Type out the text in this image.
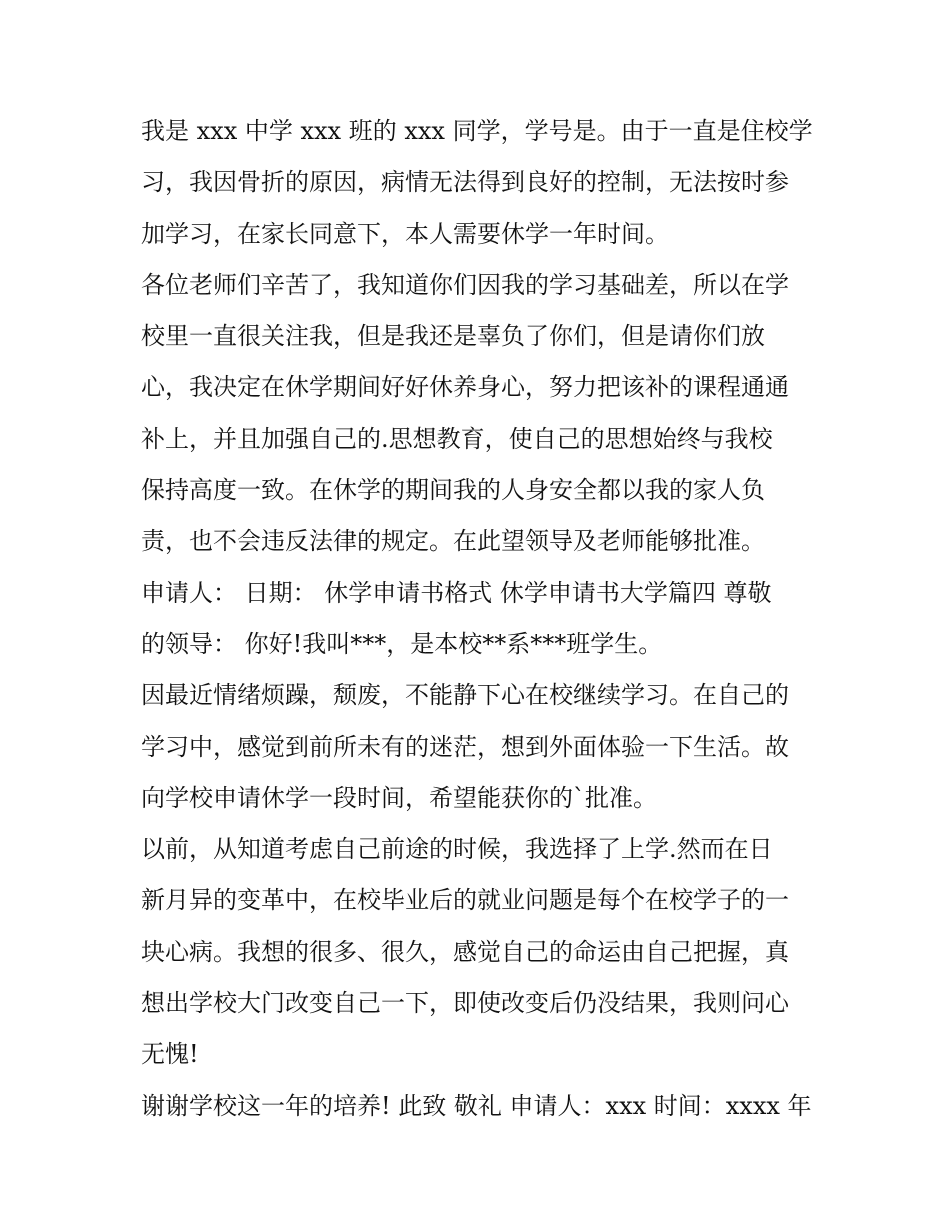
我是 xxx 中学 xxx 班的 xxx 同学，学号是。由于一直是住校学

习，我因骨折的原因，病情无法得到良好的控制，无法按时参

加学习，在家长同意下，本人需要休学一年时间。

各位老师们辛苦了，我知道你们因我的学习基础差，所以在学

校里一直很关注我，但是我还是辜负了你们，但是请你们放

心，我决定在休学期间好好休养身心，努力把该补的课程通通

补上，并且加强自己的.思想教育，使自己的思想始终与我校

保持高度一致。在休学的期间我的人身安全都以我的家人负

责，也不会违反法律的规定。在此望领导及老师能够批准。

申请人： 日期： 休学申请书格式 休学申请书大学篇四 尊敬

的领导： 你好!我叫***，是本校**系***班学生。

因最近情绪烦躁，颓废，不能静下心在校继续学习。在自己的

学习中，感觉到前所未有的迷茫，想到外面体验一下生活。故

向学校申请休学一段时间，希望能获你的`批准。

以前，从知道考虑自己前途的时候，我选择了上学.然而在日

新月异的变革中，在校毕业后的就业问题是每个在校学子的一

块心病。我想的很多、很久，感觉自己的命运由自己把握，真

想出学校大门改变自己一下，即使改变后仍没结果，我则问心

无愧!

谢谢学校这一年的培养! 此致 敬礼 申请人：xxx 时间：xxxx 年
